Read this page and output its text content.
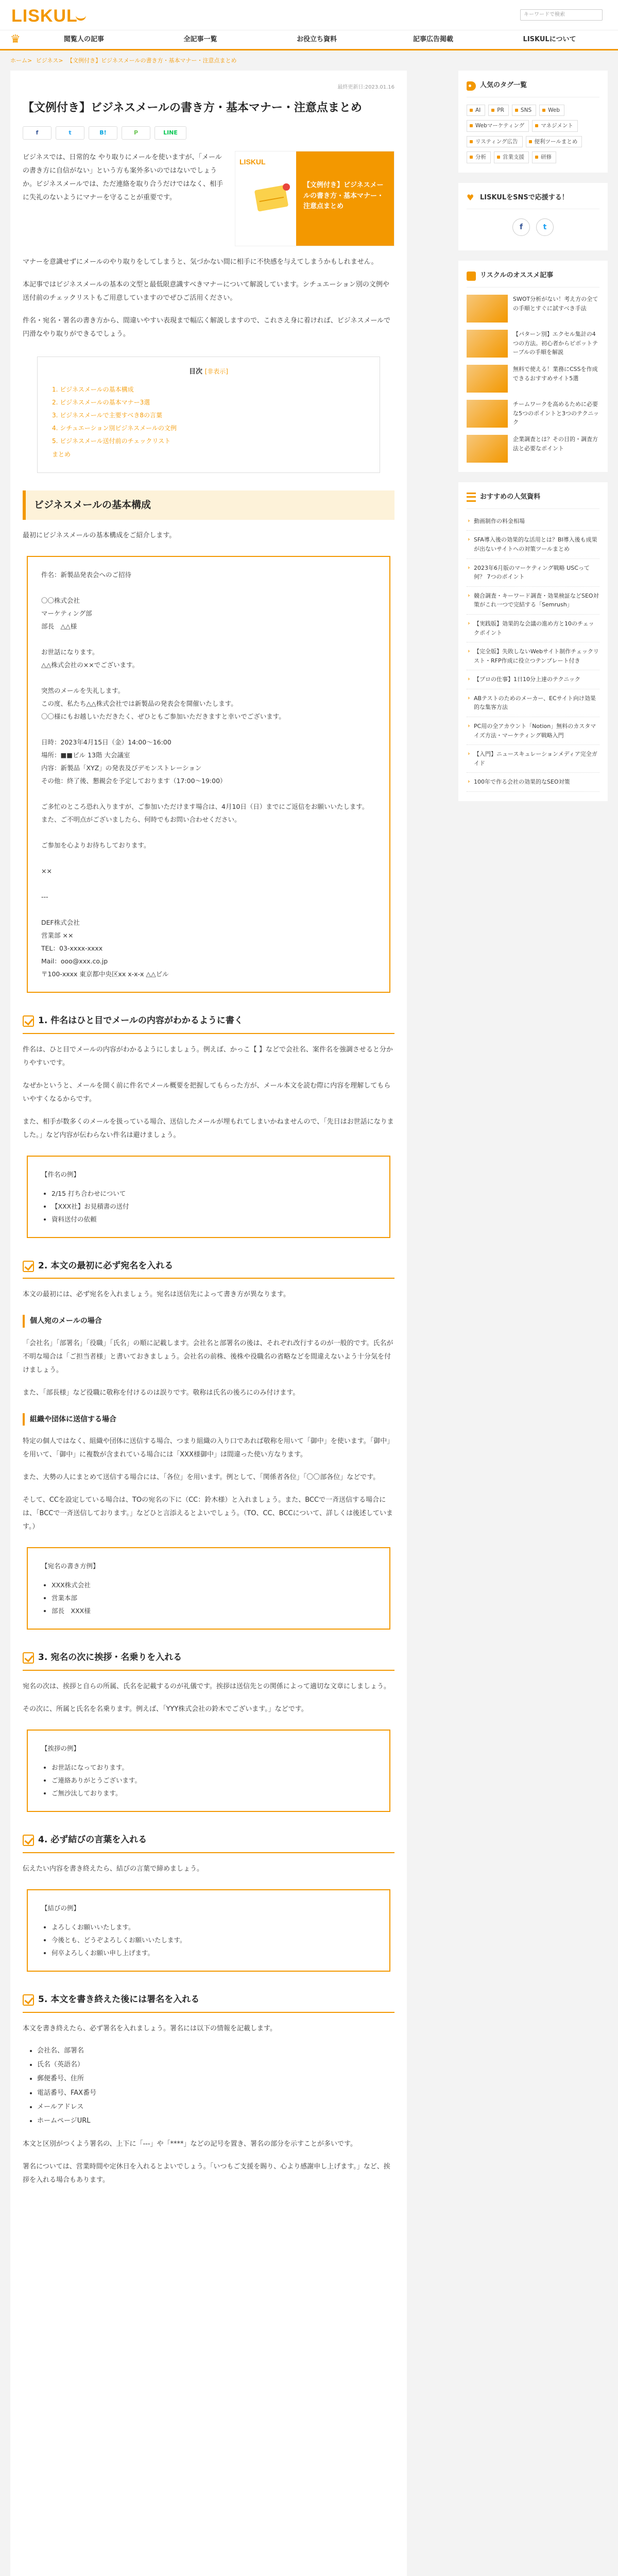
LISKUL	キーワードで検索
♛	閲覧人の記事	全記事一覧	お役立ち資料	記事広告掲載	LISKULについて
ホーム> ビジネス> 【文例付き】ビジネスメールの書き方・基本マナー・注意点まとめ
最終更新日:2023.01.16
【文例付き】ビジネスメールの書き方・基本マナー・注意点まとめ
f	t	B!	P	LINE

ビジネスでは、日常的な やり取りにメールを使いますが、「メールの書き方に自信がない」という方も案外多いのではないでしょうか。ビジネスメールでは、ただ連絡を取り合うだけではなく、相手に失礼のないようにマナーを守ることが重要です。

LISKUL
【文例付き】ビジネスメールの書き方・基本マナー・注意点まとめ

マナーを意識せずにメールのやり取りをしてしまうと、気づかない間に相手に不快感を与えてしまうかもしれません。

本記事ではビジネスメールの基本の文型と最低限意識すべきマナーについて解説しています。シチュエーション別の文例や送付前のチェックリストもご用意していますのでぜひご活用ください。

件名・宛名・署名の書き方から、間違いやすい表現まで幅広く解説しますので、これさえ身に着ければ、ビジネスメールで円滑なやり取りができるでしょう。

目次 [非表示]
1. ビジネスメールの基本構成
2. ビジネスメールの基本マナー3選
3. ビジネスメールで主要すべき8の言葉
4. シチュエーション別ビジネスメールの文例
5. ビジネスメール送付前のチェックリスト
まとめ
ビジネスメールの基本構成

最初にビジネスメールの基本構成をご紹介します。

件名：新製品発表会へのご招待
〇〇株式会社
マーケティング部
部長　△△様
お世話になります。
△△株式会社の××でございます。
突然のメールを失礼します。
この度、私たち△△株式会社では新製品の発表会を開催いたします。
〇〇様にもお越しいただきたく、ぜひともご参加いただきますと幸いでございます。
日時：2023年4月15日（金）14:00〜16:00
場所：■■ビル 13階 大会議室
内容：新製品「XYZ」の発表及びデモンストレーション
その他：終了後、懇親会を予定しております（17:00〜19:00）
ご多忙のところ恐れ入りますが、ご参加いただけます場合は、4月10日（日）までにご返信をお願いいたします。
また、ご不明点がございましたら、何時でもお問い合わせください。
ご参加を心よりお待ちしております。
××
---
DEF株式会社
営業部 ××
TEL：03-xxxx-xxxx
Mail：ooo@xxx.co.jp
〒100-xxxx 東京都中央区xx x-x-x △△ビル
1. 件名はひと目でメールの内容がわかるように書く

件名は、ひと目でメールの内容がわかるようにしましょう。例えば、かっこ【 】などで会社名、案件名を強調させると分かりやすいです。

なぜかというと、メールを開く前に件名でメール概要を把握してもらった方が、メール本文を読む際に内容を理解してもらいやすくなるからです。

また、相手が数多くのメールを扱っている場合、送信したメールが埋もれてしまいかねませんので、「先日はお世話になりました。」など内容が伝わらない件名は避けましょう。

【件名の例】
• 2/15 打ち合わせについて
• 【XXX社】お見積書の送付
• 資料送付の依頼
2. 本文の最初に必ず宛名を入れる

本文の最初には、必ず宛名を入れましょう。宛名は送信先によって書き方が異なります。

個人宛のメールの場合

「会社名」「部署名」「役職」「氏名」の順に記載します。会社名と部署名の後は、それぞれ改行するのが一般的です。氏名が不明な場合は「ご担当者様」と書いておきましょう。会社名の前株、後株や役職名の省略などを間違えないよう十分気を付けましょう。

また、「部長様」など役職に敬称を付けるのは誤りです。敬称は氏名の後ろにのみ付けます。

組織や団体に送信する場合

特定の個人ではなく、組織や団体に送信する場合、つまり組織の入り口であれば敬称を用いて「御中」を使います。「御中」を用いて、「御中」に複数が含まれている場合には「XXX様御中」は間違った使い方なります。

また、大勢の人にまとめて送信する場合には、「各位」を用います。例として、「関係者各位」「〇〇部各位」などです。

そして、CCを設定している場合は、TOの宛名の下に（CC：鈴木様）と入れましょう。また、BCCで一斉送信する場合には、「BCCで一斉送信しております。」などひと言添えるとよいでしょう。（TO、CC、BCCについて、詳しくは後述しています。）

【宛名の書き方例】
• XXX株式会社
• 営業本部
• 部長　XXX様
3. 宛名の次に挨拶・名乗りを入れる

宛名の次は、挨拶と自らの所属、氏名を記載するのが礼儀です。挨拶は送信先との関係によって適切な文章にしましょう。

その次に、所属と氏名を名乗ります。例えば、「YYY株式会社の鈴木でございます。」などです。

【挨拶の例】
• お世話になっております。
• ご連絡ありがとうございます。
• ご無沙汰しております。
4. 必ず結びの言葉を入れる

伝えたい内容を書き終えたら、結びの言葉で締めましょう。

【結びの例】
• よろしくお願いいたします。
• 今後とも、どうぞよろしくお願いいたします。
• 何卒よろしくお願い申し上げます。
5. 本文を書き終えた後には署名を入れる

本文を書き終えたら、必ず署名を入れましょう。署名には以下の情報を記載します。

• 会社名、部署名
• 氏名（英語名）
• 郵便番号、住所
• 電話番号、FAX番号
• メールアドレス
• ホームページURL

本文と区別がつくよう署名の、上下に「---」や「****」などの記号を置き、署名の部分を示すことが多いです。

署名については、営業時間や定休日を入れるとよいでしょう。「いつもご支援を賜り、心より感謝申し上げます。」など、挨拶を入れる場合もあります。

人気のタグ一覧
AI	PR	SNS	Web
Webマーケティング	マネジメント
リスティング広告	便利ツールまとめ
分析	営業支援	研修
♥ LISKULをSNSで応援する！
f	t
リスクルのオススメ記事
SWOT分析がない！考え方の全ての手順とすぐに試すべき手法
【パターン別】エクセル集計の4つの方法。初心者からピボットテーブルの手順を解説
無料で使える！業務にCSSを作成できるおすすめサイト5選
チームワークを高めるために必要な5つのポイントと3つのテクニック
企業調査とは？その目的・調査方法と必要なポイント
おすすめの人気資料
› 動画制作の料金相場
› SFA導入後の効果的な活用とは？BI導入後も成果が出ないサイトへの対策ツールまとめ
› 2023年6月版のマーケティング戦略 USCって何？ 7つのポイント
› 競合調査・キーワード調査・効果検証などSEO対策がこれ一つで完結する「Semrush」
› 【実践版】効果的な会議の進め方と10のチェックポイント
› 【完全版】失敗しないWebサイト制作チェックリスト・RFP作成に役立つテンプレート付き
› 【プロの仕事】1日10分上達のテクニック
› ABテストのためのメーカー、ECサイト向け効果的な集客方法
› PC用の全アカウント「Notion」無料のカスタマイズ方法・マーケティング戦略入門
› 【入門】ニュースキュレーションメディア完全ガイド
› 100年で作る会社の効果的なSEO対策
